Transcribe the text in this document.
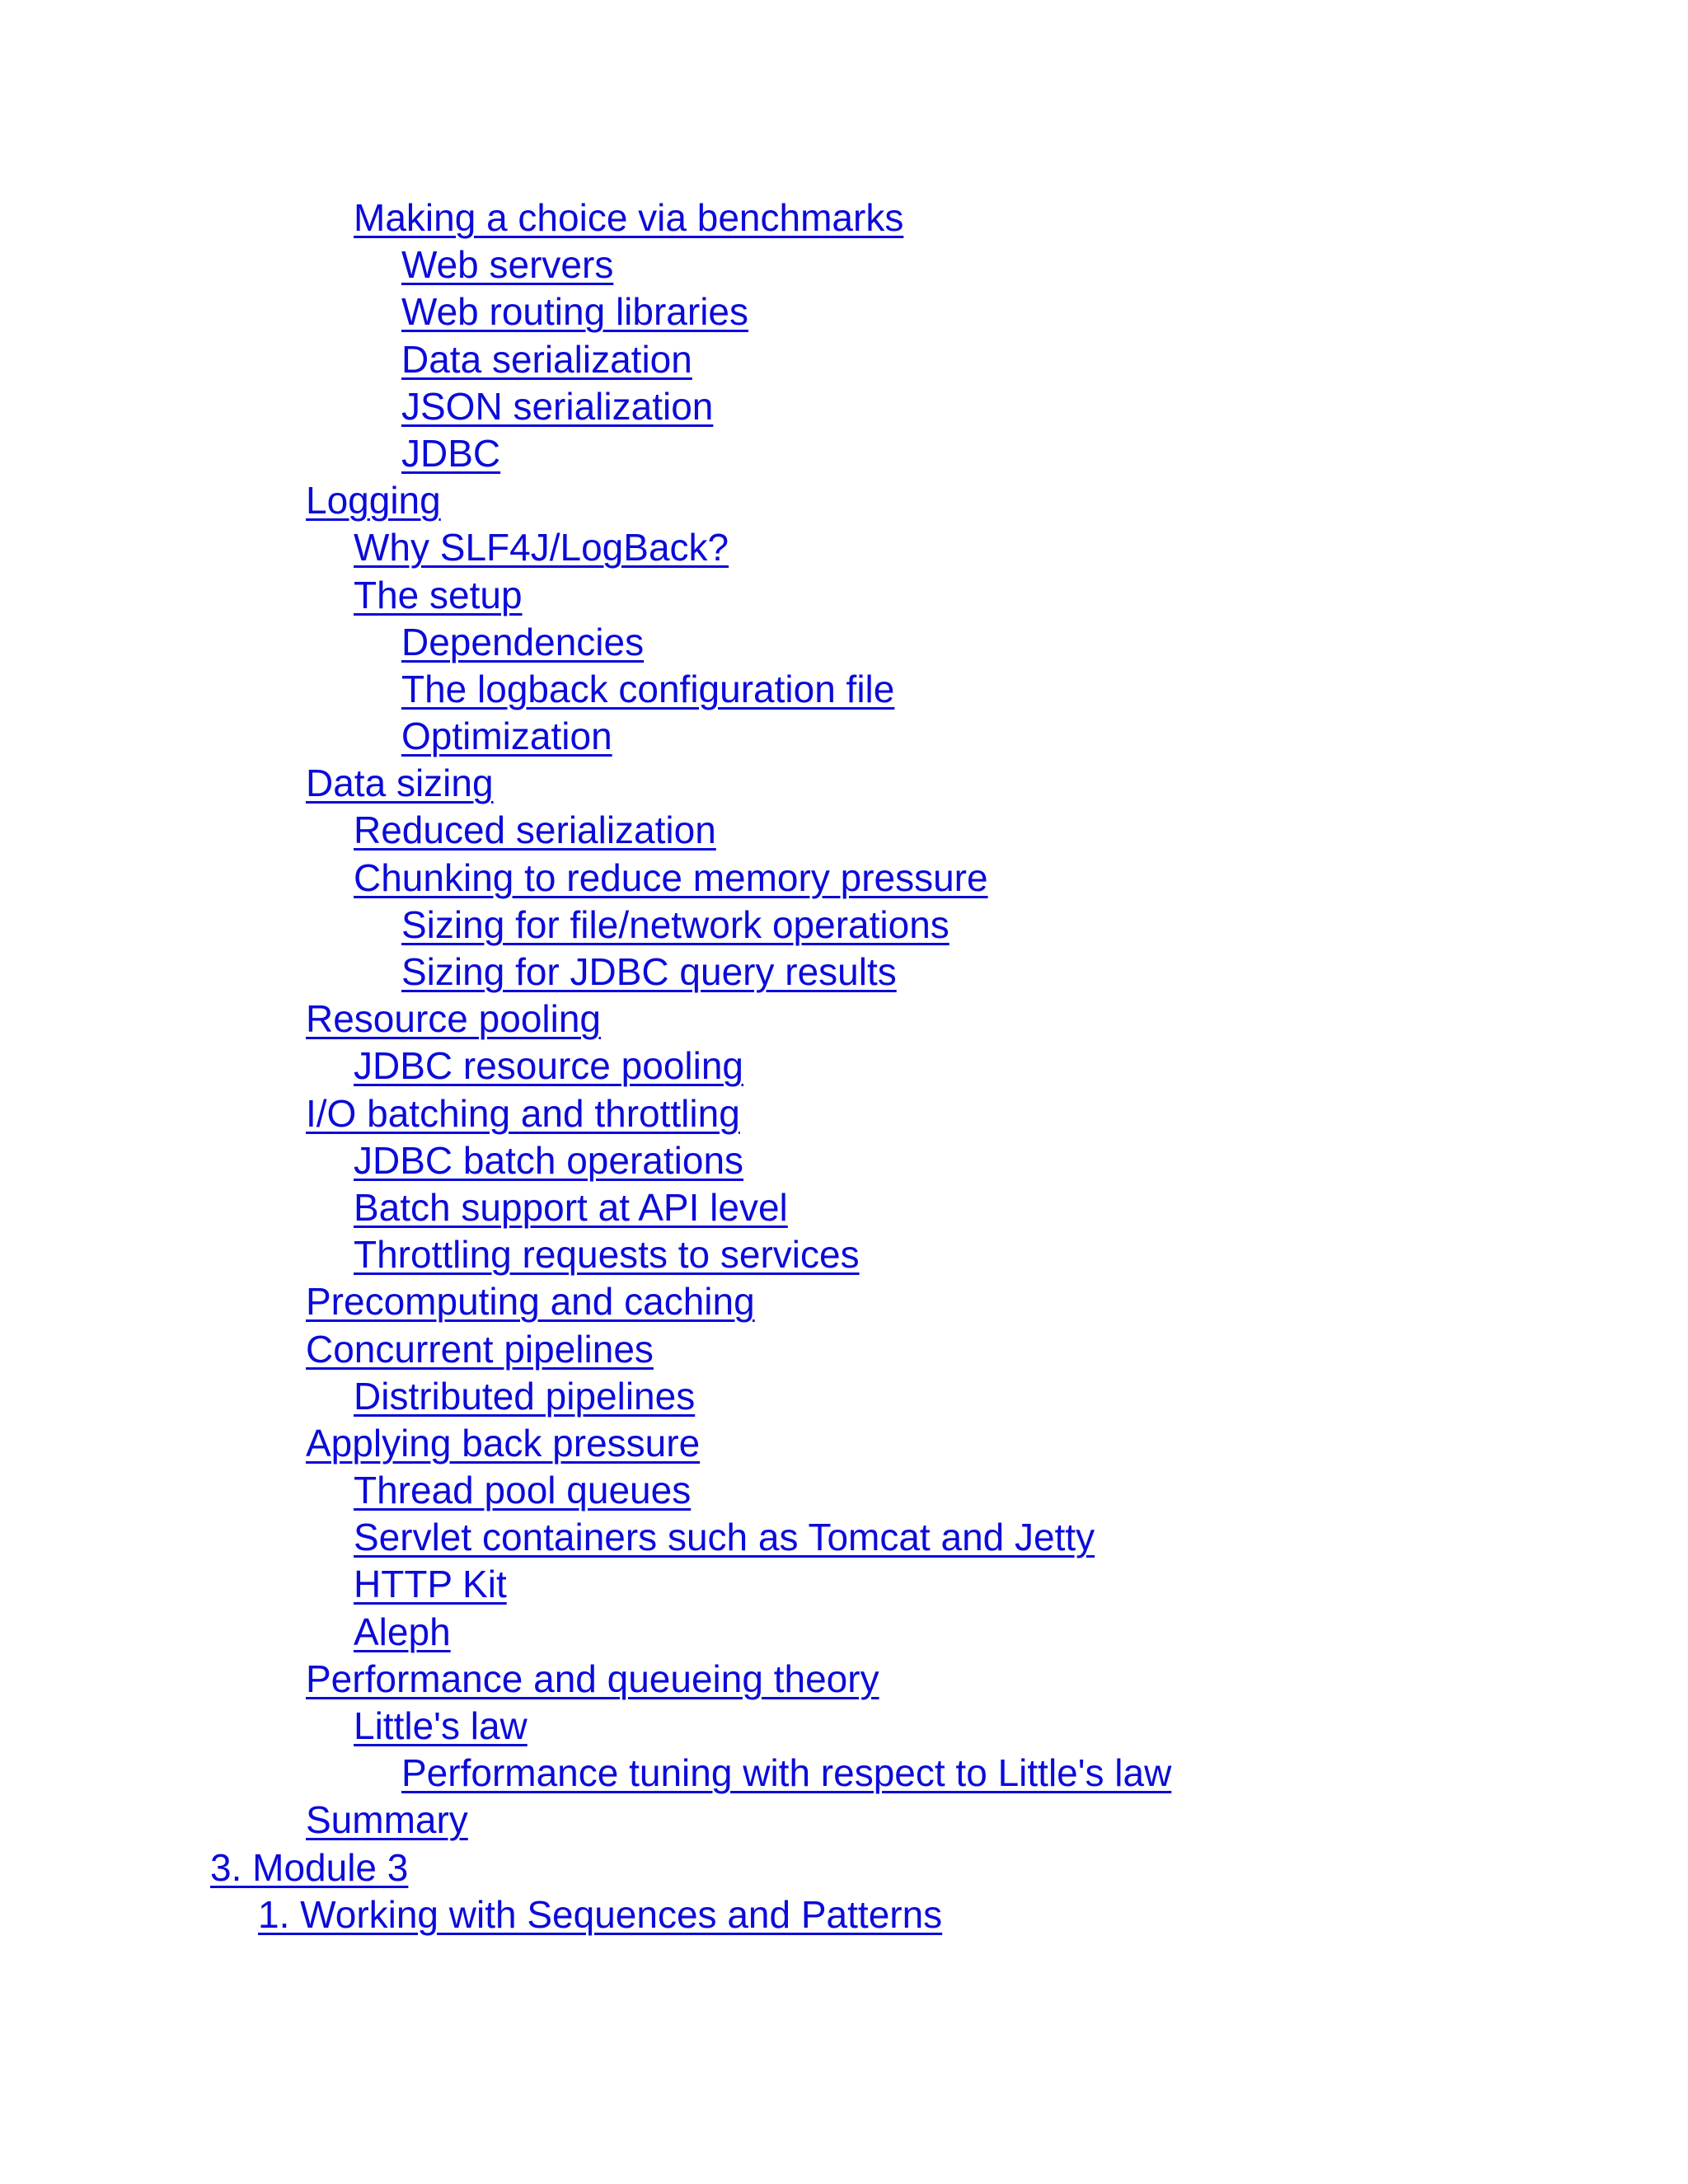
Making a choice via benchmarks
Web servers
Web routing libraries
Data serialization
JSON serialization
JDBC
Logging
Why SLF4J/LogBack?
The setup
Dependencies
The logback configuration file
Optimization
Data sizing
Reduced serialization
Chunking to reduce memory pressure
Sizing for file/network operations
Sizing for JDBC query results
Resource pooling
JDBC resource pooling
I/O batching and throttling
JDBC batch operations
Batch support at API level
Throttling requests to services
Precomputing and caching
Concurrent pipelines
Distributed pipelines
Applying back pressure
Thread pool queues
Servlet containers such as Tomcat and Jetty
HTTP Kit
Aleph
Performance and queueing theory
Little's law
Performance tuning with respect to Little's law
Summary
3. Module 3
1. Working with Sequences and Patterns
